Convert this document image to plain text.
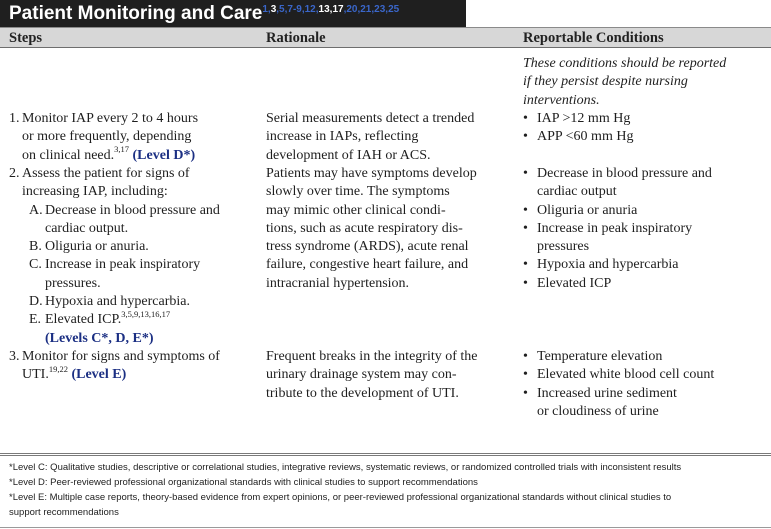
Patient Monitoring and Care$^{1,3,5,7-9,12,13,17,20,21,23,25}$
Steps	Rationale	Reportable Conditions

These conditions should be reported

if they persist despite nursing

interventions.

1. Monitor IAP every 2 to 4 hours

or more frequently, depending

on clinical need.$^{3,17}$ (Level D*)

Serial measurements detect a trended

increase in IAPs, reflecting

development of IAH or ACS.

• IAP >12 mm Hg

• APP <60 mm Hg

2. Assess the patient for signs of

increasing IAP, including:

A. Decrease in blood pressure and

cardiac output.

B. Oliguria or anuria.

C. Increase in peak inspiratory

pressures.

D. Hypoxia and hypercarbia.

E. Elevated ICP.$^{3,5,9,13,16,17}$

(Levels C*, D, E*)

Patients may have symptoms develop

slowly over time. The symptoms

may mimic other clinical condi-

tions, such as acute respiratory dis-

tress syndrome (ARDS), acute renal

failure, congestive heart failure, and

intracranial hypertension.

• Decrease in blood pressure and

cardiac output

• Oliguria or anuria

• Increase in peak inspiratory

pressures

• Hypoxia and hypercarbia

• Elevated ICP

3. Monitor for signs and symptoms of

UTI.$^{19,22}$ (Level E)

Frequent breaks in the integrity of the

urinary drainage system may con-

tribute to the development of UTI.

• Temperature elevation

• Elevated white blood cell count

• Increased urine sediment

or cloudiness of urine

*Level C: Qualitative studies, descriptive or correlational studies, integrative reviews, systematic reviews, or randomized controlled trials with inconsistent results

*Level D: Peer-reviewed professional organizational standards with clinical studies to support recommendations

*Level E: Multiple case reports, theory-based evidence from expert opinions, or peer-reviewed professional organizational standards without clinical studies to

support recommendations
